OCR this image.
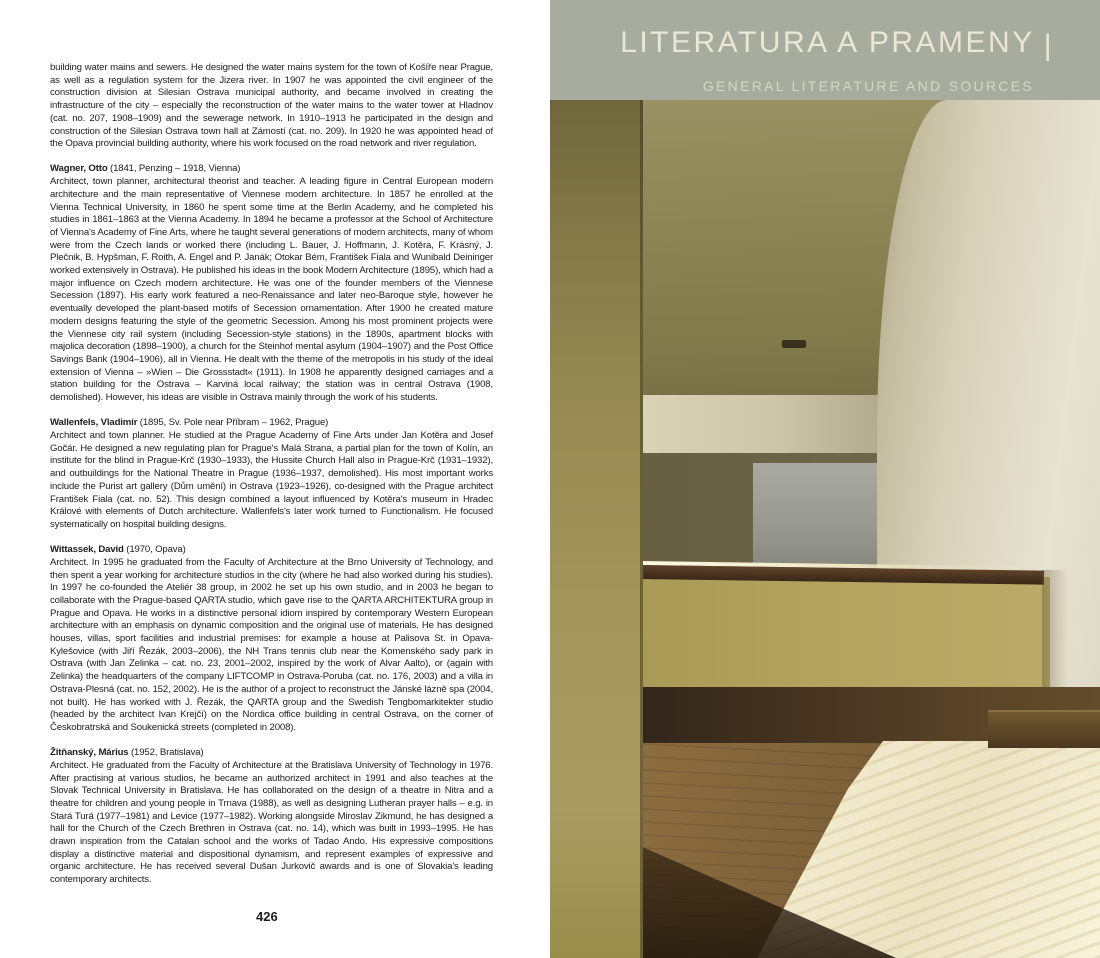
building water mains and sewers. He designed the water mains system for the town of Košíře near Prague, as well as a regulation system for the Jizera river. In 1907 he was appointed the civil engineer of the construction division at Silesian Ostrava municipal authority, and became involved in creating the infrastructure of the city – especially the reconstruction of the water mains to the water tower at Hladnov (cat. no. 207, 1908–1909) and the sewerage network. In 1910–1913 he participated in the design and construction of the Silesian Ostrava town hall at Zámostí (cat. no. 209). In 1920 he was appointed head of the Opava provincial building authority, where his work focused on the road network and river regulation.

Wagner, Otto (1841, Penzing – 1918, Vienna)

Architect, town planner, architectural theorist and teacher. A leading figure in Central European modern architecture and the main representative of Viennese modern architecture. In 1857 he enrolled at the Vienna Technical University, in 1860 he spent some time at the Berlin Academy, and he completed his studies in 1861–1863 at the Vienna Academy. In 1894 he became a professor at the School of Architecture of Vienna's Academy of Fine Arts, where he taught several generations of modern architects, many of whom were from the Czech lands or worked there (including L. Bauer, J. Hoffmann, J. Kotěra, F. Krásný, J. Plečnik, B. Hypšman, F. Roith, A. Engel and P. Janák; Otokar Bém, František Fiala and Wunibald Deininger worked extensively in Ostrava). He published his ideas in the book Modern Architecture (1895), which had a major influence on Czech modern architecture. He was one of the founder members of the Viennese Secession (1897). His early work featured a neo-Renaissance and later neo-Baroque style, however he eventually developed the plant-based motifs of Secession ornamentation. After 1900 he created mature modern designs featuring the style of the geometric Secession. Among his most prominent projects were the Viennese city rail system (including Secession-style stations) in the 1890s, apartment blocks with majolica decoration (1898–1900), a church for the Steinhof mental asylum (1904–1907) and the Post Office Savings Bank (1904–1906), all in Vienna. He dealt with the theme of the metropolis in his study of the ideal extension of Vienna – »Wien – Die Grossstadt« (1911). In 1908 he apparently designed carriages and a station building for the Ostrava – Karviná local railway; the station was in central Ostrava (1908, demolished). However, his ideas are visible in Ostrava mainly through the work of his students.

Wallenfels, Vladimír (1895, Sv. Pole near Příbram – 1962, Prague)

Architect and town planner. He studied at the Prague Academy of Fine Arts under Jan Kotěra and Josef Gočár. He designed a new regulating plan for Prague's Malá Strana, a partial plan for the town of Kolín, an institute for the blind in Prague-Krč (1930–1933), the Hussite Church Hall also in Prague-Krč (1931–1932), and outbuildings for the National Theatre in Prague (1936–1937, demolished). His most important works include the Purist art gallery (Dům umění) in Ostrava (1923–1926), co-designed with the Prague architect František Fiala (cat. no. 52). This design combined a layout influenced by Kotěra's museum in Hradec Králové with elements of Dutch architecture. Wallenfels's later work turned to Functionalism. He focused systematically on hospital building designs.

Wittassek, David (1970, Opava)

Architect. In 1995 he graduated from the Faculty of Architecture at the Brno University of Technology, and then spent a year working for architecture studios in the city (where he had also worked during his studies). In 1997 he co-founded the Ateliér 38 group, in 2002 he set up his own studio, and in 2003 he began to collaborate with the Prague-based QARTA studio, which gave rise to the QARTA ARCHITEKTURA group in Prague and Opava. He works in a distinctive personal idiom inspired by contemporary Western European architecture with an emphasis on dynamic composition and the original use of materials. He has designed houses, villas, sport facilities and industrial premises: for example a house at Palisova St. in Opava-Kylešovice (with Jiří Řezák, 2003–2006), the NH Trans tennis club near the Komenského sady park in Ostrava (with Jan Zelinka – cat. no. 23, 2001–2002, inspired by the work of Alvar Aalto), or (again with Zelinka) the headquarters of the company LIFTCOMP in Ostrava-Poruba (cat. no. 176, 2003) and a villa in Ostrava-Plesná (cat. no. 152, 2002). He is the author of a project to reconstruct the Jánské lázně spa (2004, not built). He has worked with J. Řezák, the QARTA group and the Swedish Tengbomarkitekter studio (headed by the architect Ivan Krejčí) on the Nordica office building in central Ostrava, on the corner of Českobratrská and Soukenická streets (completed in 2008).

Žitňanský, Márius (1952, Bratislava)

Architect. He graduated from the Faculty of Architecture at the Bratislava University of Technology in 1976. After practising at various studios, he became an authorized architect in 1991 and also teaches at the Slovak Technical University in Bratislava. He has collaborated on the design of a theatre in Nitra and a theatre for children and young people in Trnava (1988), as well as designing Lutheran prayer halls – e.g. in Stará Turá (1977–1981) and Levice (1977–1982). Working alongside Miroslav Zikmund, he has designed a hall for the Church of the Czech Brethren in Ostrava (cat. no. 14), which was built in 1993–1995. He has drawn inspiration from the Catalan school and the works of Tadao Ando. His expressive compositions display a distinctive material and dispositional dynamism, and represent examples of expressive and organic architecture. He has received several Dušan Jurkovič awards and is one of Slovakia's leading contemporary architects.

426
LITERATURA A PRAMENY |
GENERAL LITERATURE AND SOURCES
